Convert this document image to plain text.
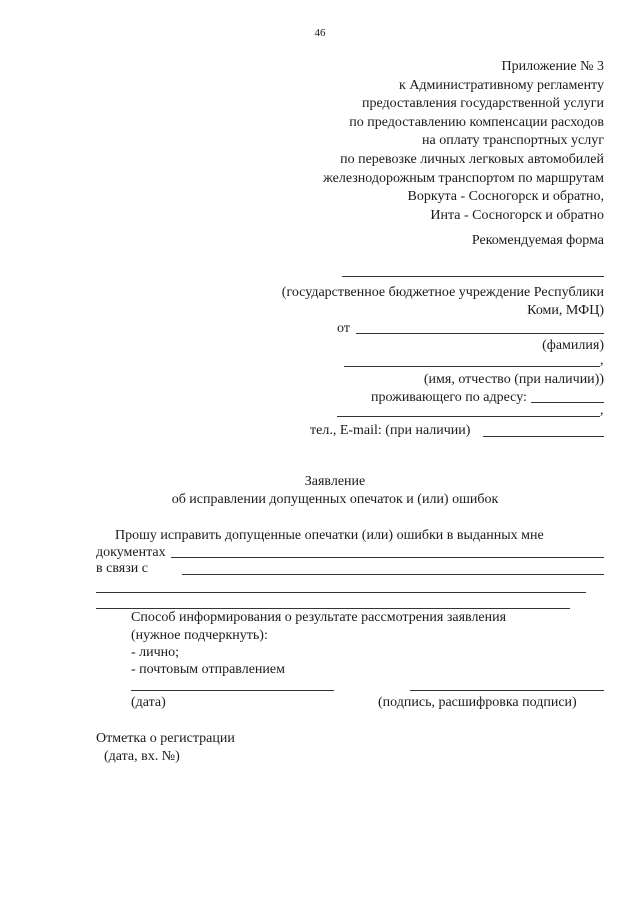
46
Приложение № 3
к Административному регламенту
предоставления государственной услуги
по предоставлению компенсации расходов
на оплату транспортных услуг
по перевозке личных легковых автомобилей
железнодорожным транспортом по маршрутам
Воркута - Сосногорск и обратно,
Инта - Сосногорск и обратно
Рекомендуемая форма
(государственное бюджетное учреждение Республики
Коми, МФЦ)
от
(фамилия)
,
(имя, отчество (при наличии))
проживающего по адресу:
,
тел., E-mail: (при наличии)
Заявление
об исправлении допущенных опечаток и (или) ошибок
Прошу исправить допущенные опечатки (или) ошибки в выданных мне
документах
в связи с
Способ информирования о результате рассмотрения заявления
(нужное подчеркнуть):
- лично;
- почтовым отправлением
(дата)	(подпись, расшифровка подписи)
Отметка о регистрации
(дата, вх. №)
